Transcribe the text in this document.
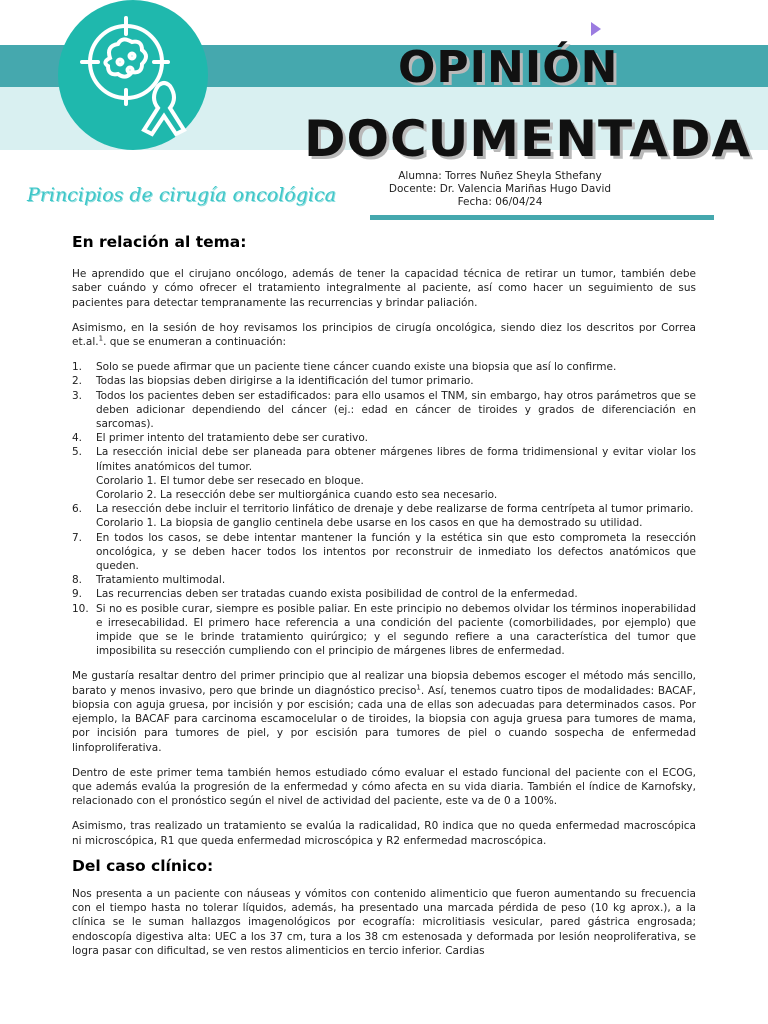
OPINIÓN
DOCUMENTADA
Principios de cirugía oncológica
Alumna: Torres Nuñez Sheyla Sthefany
Docente: Dr. Valencia Mariñas Hugo David
Fecha: 06/04/24
En relación al tema:

He aprendido que el cirujano oncólogo, además de tener la capacidad técnica de retirar un tumor, también debe saber cuándo y cómo ofrecer el tratamiento integralmente al paciente, así como hacer un seguimiento de sus pacientes para detectar tempranamente las recurrencias y brindar paliación.

Asimismo, en la sesión de hoy revisamos los principios de cirugía oncológica, siendo diez los descritos por Correa et.al.$^1$. que se enumeran a continuación:

1.	Solo se puede afirmar que un paciente tiene cáncer cuando existe una biopsia que así lo confirme.
2.	Todas las biopsias deben dirigirse a la identificación del tumor primario.
3.	Todos los pacientes deben ser estadificados: para ello usamos el TNM, sin embargo, hay otros parámetros que se deben adicionar dependiendo del cáncer (ej.: edad en cáncer de tiroides y grados de diferenciación en sarcomas).
4.	El primer intento del tratamiento debe ser curativo.
5.	La resección inicial debe ser planeada para obtener márgenes libres de forma tridimensional y evitar violar los límites anatómicos del tumor.
Corolario 1. El tumor debe ser resecado en bloque.
Corolario 2. La resección debe ser multiorgánica cuando esto sea necesario.
6.	La resección debe incluir el territorio linfático de drenaje y debe realizarse de forma centrípeta al tumor primario.
Corolario 1. La biopsia de ganglio centinela debe usarse en los casos en que ha demostrado su utilidad.
7.	En todos los casos, se debe intentar mantener la función y la estética sin que esto comprometa la resección oncológica, y se deben hacer todos los intentos por reconstruir de inmediato los defectos anatómicos que queden.
8.	Tratamiento multimodal.
9.	Las recurrencias deben ser tratadas cuando exista posibilidad de control de la enfermedad.
10. Si no es posible curar, siempre es posible paliar. En este principio no debemos olvidar los términos inoperabilidad e irresecabilidad. El primero hace referencia a una condición del paciente (comorbilidades, por ejemplo) que impide que se le brinde tratamiento quirúrgico; y el segundo refiere a una característica del tumor que imposibilita su resección cumpliendo con el principio de márgenes libres de enfermedad.

Me gustaría resaltar dentro del primer principio que al realizar una biopsia debemos escoger el método más sencillo, barato y menos invasivo, pero que brinde un diagnóstico preciso$^1$. Así, tenemos cuatro tipos de modalidades: BACAF, biopsia con aguja gruesa, por incisión y por escisión; cada una de ellas son adecuadas para determinados casos. Por ejemplo, la BACAF para carcinoma escamocelular o de tiroides, la biopsia con aguja gruesa para tumores de mama, por incisión para tumores de piel, y por escisión para tumores de piel o cuando sospecha de enfermedad linfoproliferativa.

Dentro de este primer tema también hemos estudiado cómo evaluar el estado funcional del paciente con el ECOG, que además evalúa la progresión de la enfermedad y cómo afecta en su vida diaria. También el índice de Karnofsky, relacionado con el pronóstico según el nivel de actividad del paciente, este va de 0 a 100%.

Asimismo, tras realizado un tratamiento se evalúa la radicalidad, R0 indica que no queda enfermedad macroscópica ni microscópica, R1 que queda enfermedad microscópica y R2 enfermedad macroscópica.

Del caso clínico:

Nos presenta a un paciente con náuseas y vómitos con contenido alimenticio que fueron aumentando su frecuencia con el tiempo hasta no tolerar líquidos, además, ha presentado una marcada pérdida de peso (10 kg aprox.), a la clínica se le suman hallazgos imagenológicos por ecografía: microlitiasis vesicular, pared gástrica engrosada; endoscopía digestiva alta: UEC a los 37 cm, tura a los 38 cm estenosada y deformada por lesión neoproliferativa, se logra pasar con dificultad, se ven restos alimenticios en tercio inferior. Cardias
